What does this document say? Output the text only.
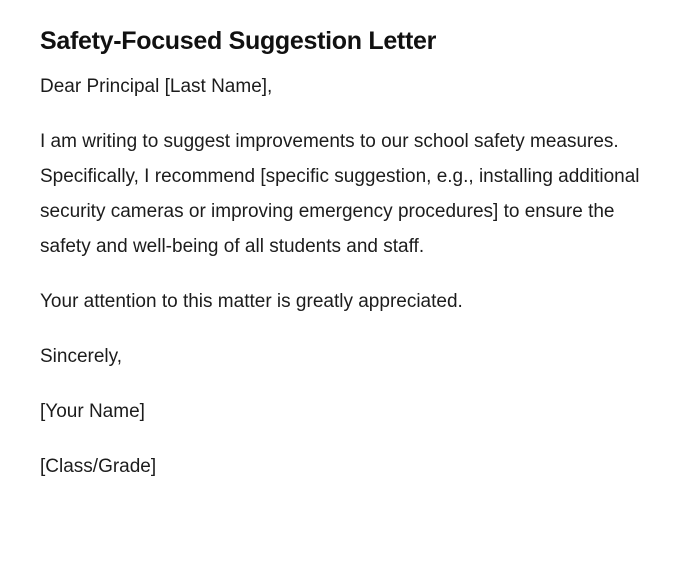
Safety-Focused Suggestion Letter

Dear Principal [Last Name],

I am writing to suggest improvements to our school safety measures. Specifically, I recommend [specific suggestion, e.g., installing additional security cameras or improving emergency procedures] to ensure the safety and well-being of all students and staff.

Your attention to this matter is greatly appreciated.

Sincerely,

[Your Name]

[Class/Grade]
